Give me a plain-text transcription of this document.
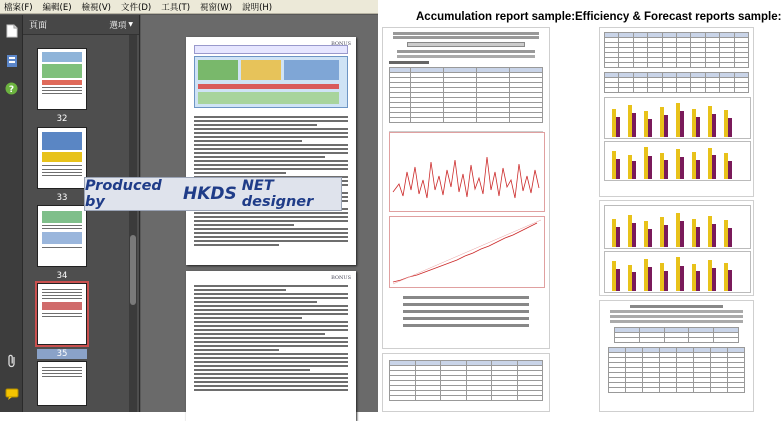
檔案(F) 編輯(E) 檢視(V) 文件(D) 工具(T) 視窗(W) 說明(H)
?
頁面	選項 ▼
32
33
34
35
BONUS
BONUS
Produced by	HKDS NET designer
Accumulation report sample: Efficiency & Forecast reports sample:
